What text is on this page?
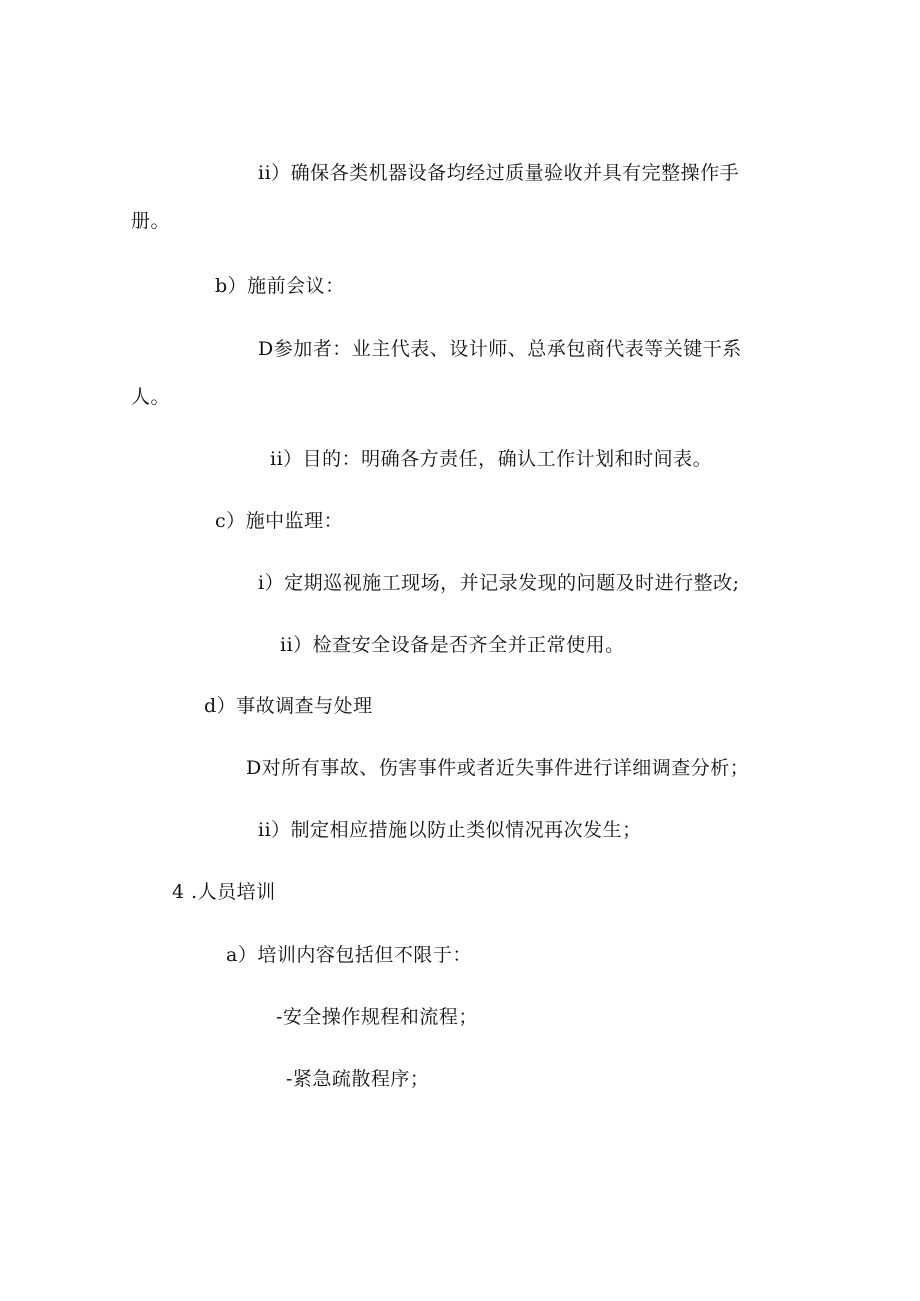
ii）确保各类机器设备均经过质量验收并具有完整操作手
册。
b）施前会议：
D参加者：业主代表、设计师、总承包商代表等关键干系
人。
ii）目的：明确各方责任，确认工作计划和时间表。
c）施中监理：
i）定期巡视施工现场，并记录发现的问题及时进行整改;
ii）检查安全设备是否齐全并正常使用。
d）事故调查与处理
D对所有事故、伤害事件或者近失事件进行详细调查分析；
ii）制定相应措施以防止类似情况再次发生；
4 .人员培训
a）培训内容包括但不限于：
-安全操作规程和流程；
-紧急疏散程序；
